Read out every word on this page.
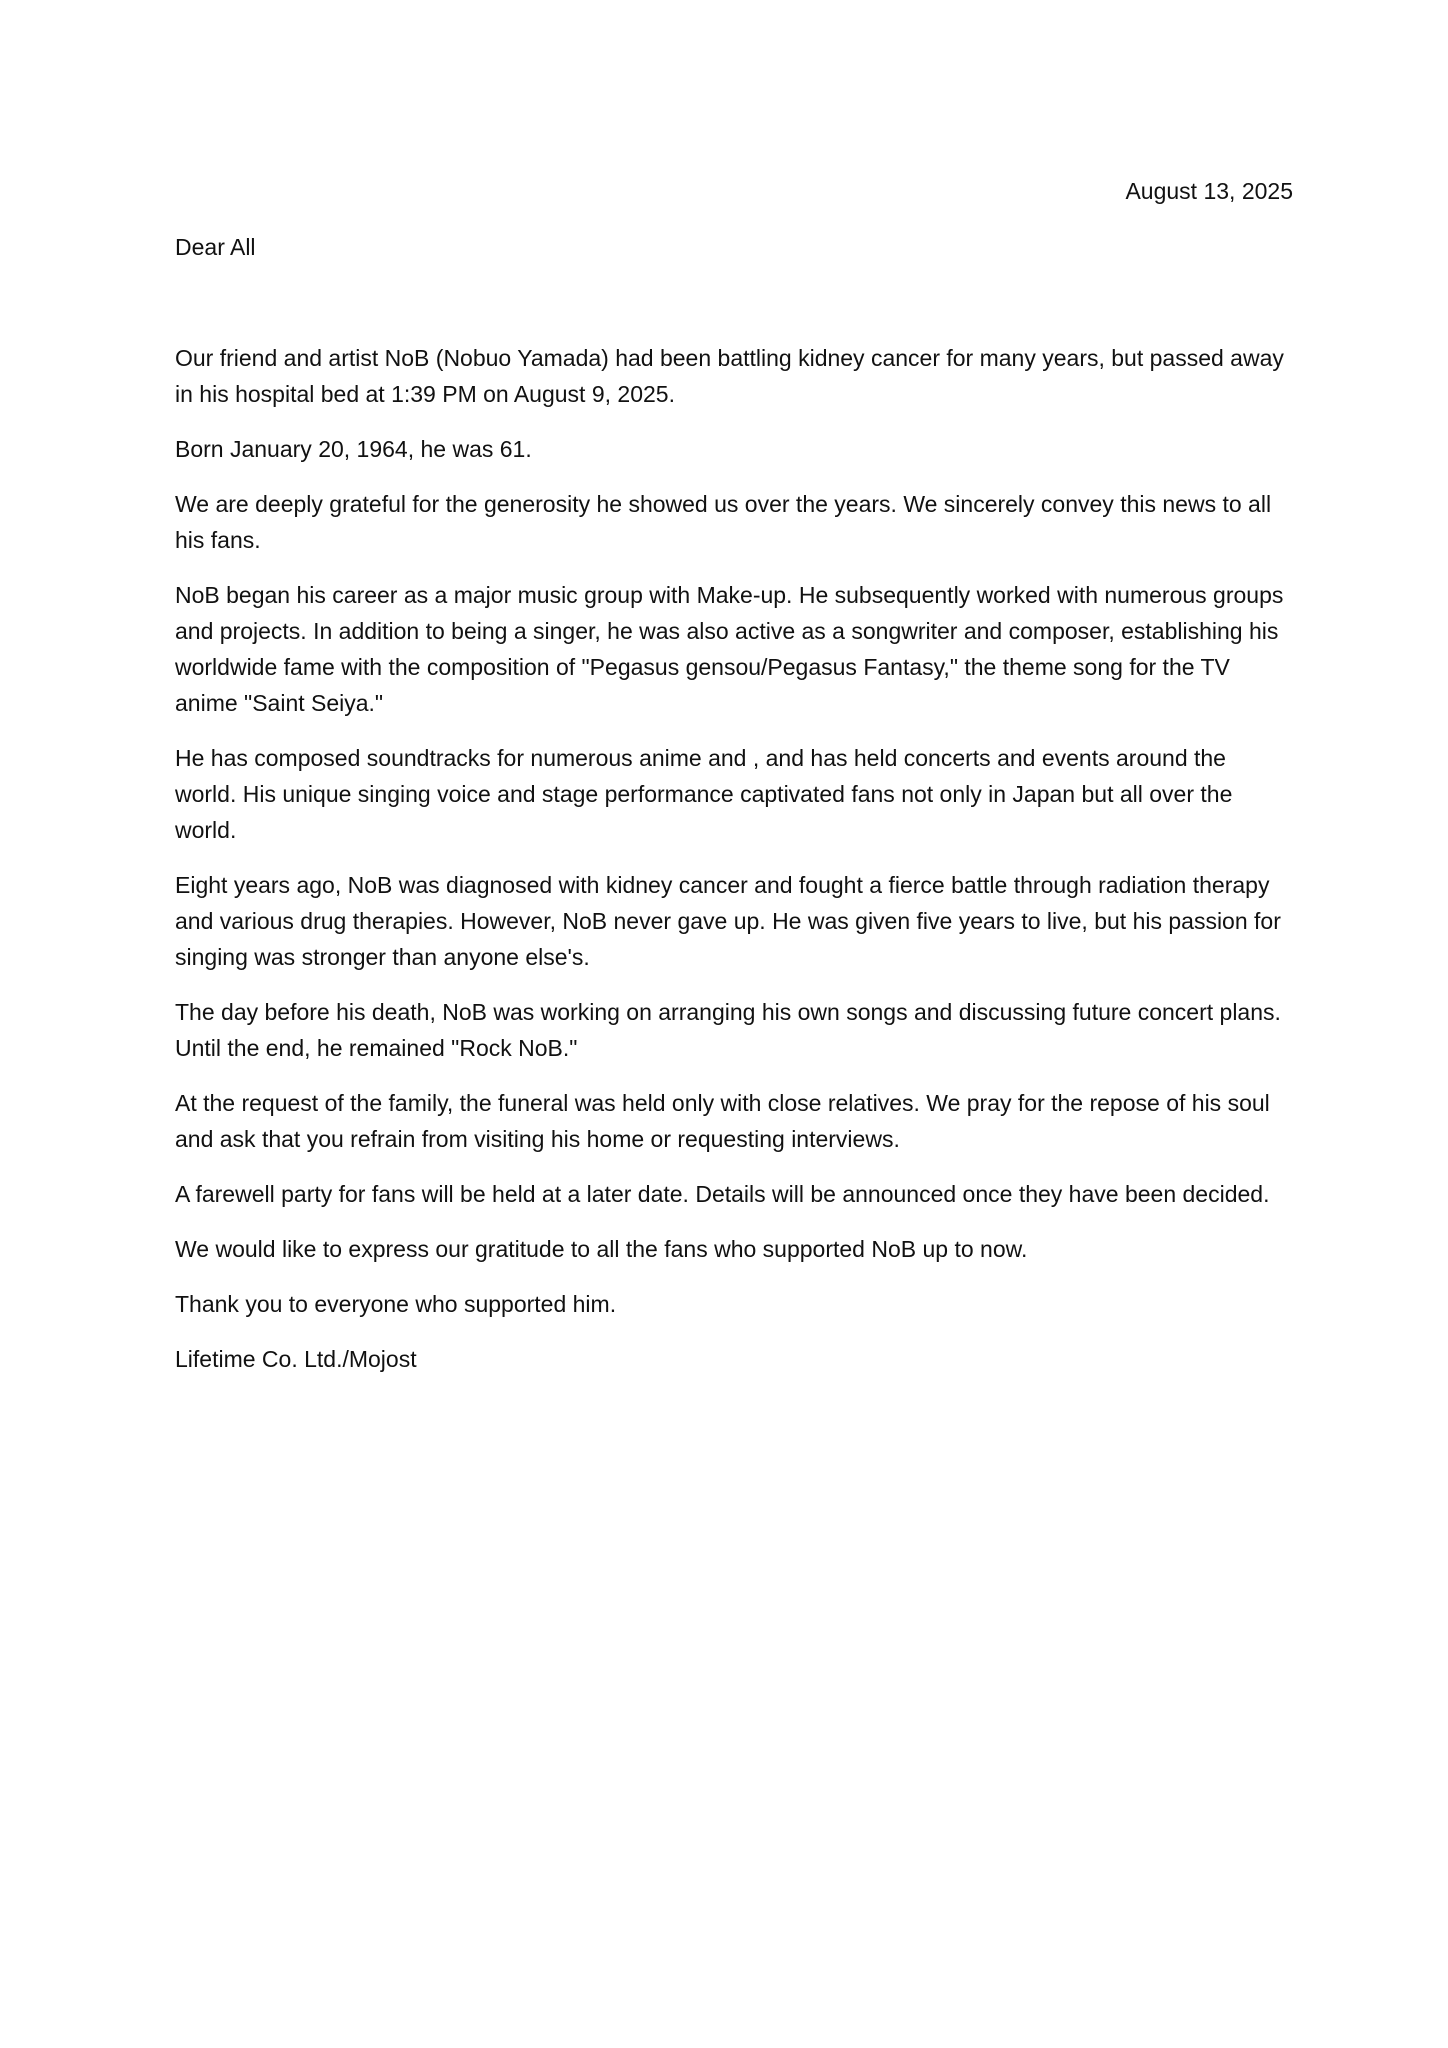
August 13, 2025

Dear All

Our friend and artist NoB (Nobuo Yamada) had been battling kidney cancer for many years, but passed away in his hospital bed at 1:39 PM on August 9, 2025.

Born January 20, 1964, he was 61.

We are deeply grateful for the generosity he showed us over the years. We sincerely convey this news to all his fans.

NoB began his career as a major music group with Make-up. He subsequently worked with numerous groups and projects. In addition to being a singer, he was also active as a songwriter and composer, establishing his worldwide fame with the composition of "Pegasus gensou/Pegasus Fantasy," the theme song for the TV anime "Saint Seiya."

He has composed soundtracks for numerous anime and , and has held concerts and events around the world. His unique singing voice and stage performance captivated fans not only in Japan but all over the world.

Eight years ago, NoB was diagnosed with kidney cancer and fought a fierce battle through radiation therapy and various drug therapies. However, NoB never gave up. He was given five years to live, but his passion for singing was stronger than anyone else's.

The day before his death, NoB was working on arranging his own songs and discussing future concert plans. Until the end, he remained "Rock NoB."

At the request of the family, the funeral was held only with close relatives. We pray for the repose of his soul and ask that you refrain from visiting his home or requesting interviews.

A farewell party for fans will be held at a later date. Details will be announced once they have been decided.

We would like to express our gratitude to all the fans who supported NoB up to now.

Thank you to everyone who supported him.

Lifetime Co. Ltd./Mojost
